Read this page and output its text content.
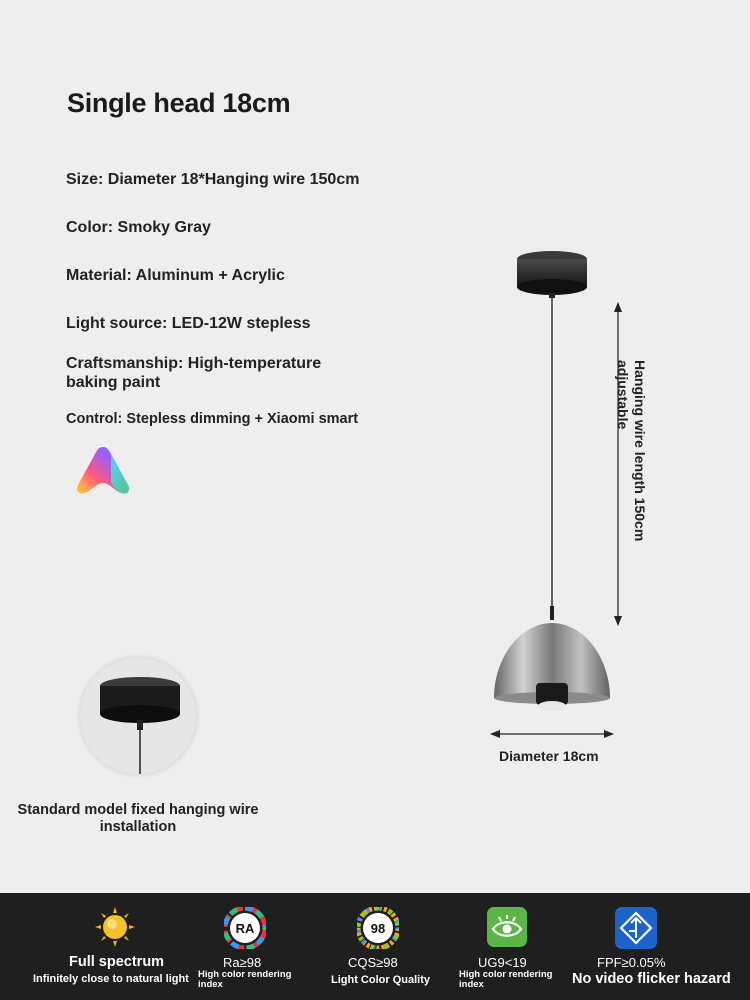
Single head 18cm
Size: Diameter 18*Hanging wire 150cm
Color: Smoky Gray
Material: Aluminum + Acrylic
Light source: LED-12W stepless
Craftsmanship: High-temperature baking paint
Control: Stepless dimming + Xiaomi smart	Hanging wire length 150cm adjustable
Diameter 18cm
Standard model fixed hanging wire installation
Full spectrum
Infinitely close to natural light
RA
Ra≥98
High color rendering index
98
CQS≥98
Light Color Quality
UG9<19
High color rendering index
FPF≥0.05%
No video flicker hazard
